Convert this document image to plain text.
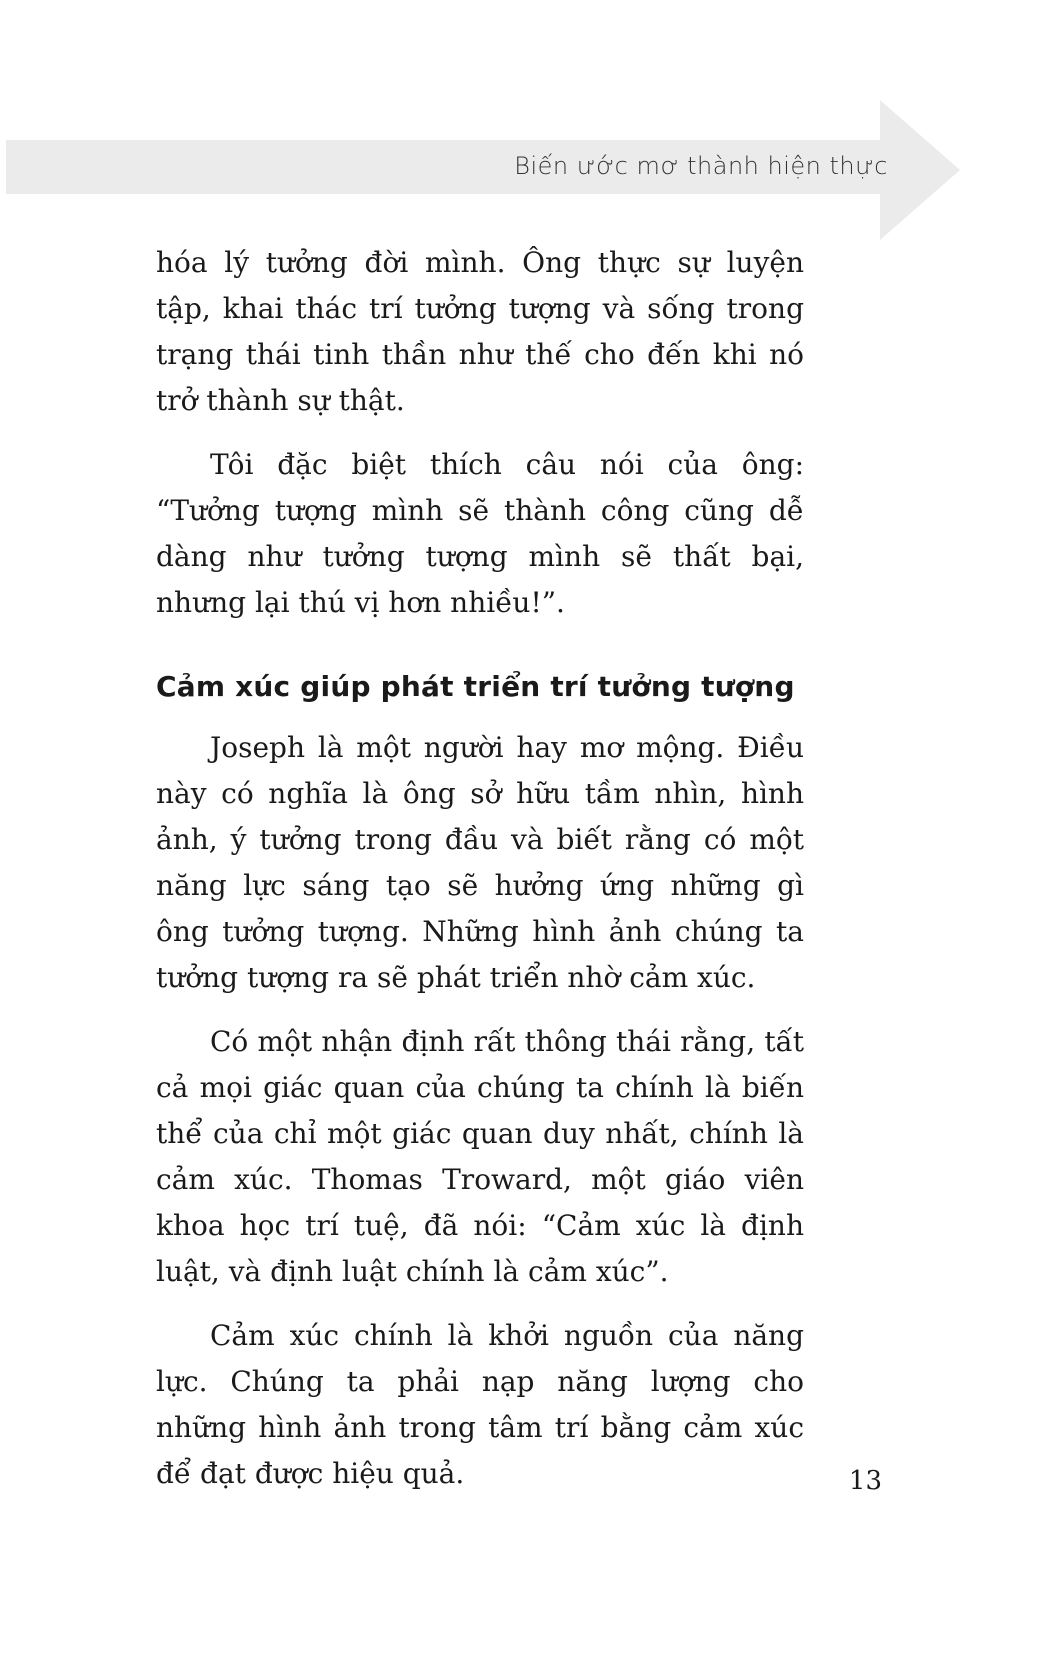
Biến ước mơ thành hiện thực

hóa lý tưởng đời mình. Ông thực sự luyện tập, khai thác trí tưởng tượng và sống trong trạng thái tinh thần như thế cho đến khi nó trở thành sự thật.

Tôi đặc biệt thích câu nói của ông: “Tưởng tượng mình sẽ thành công cũng dễ dàng như tưởng tượng mình sẽ thất bại, nhưng lại thú vị hơn nhiều!”.

Cảm xúc giúp phát triển trí tưởng tượng

Joseph là một người hay mơ mộng. Điều này có nghĩa là ông sở hữu tầm nhìn, hình ảnh, ý tưởng trong đầu và biết rằng có một năng lực sáng tạo sẽ hưởng ứng những gì ông tưởng tượng. Những hình ảnh chúng ta tưởng tượng ra sẽ phát triển nhờ cảm xúc.

Có một nhận định rất thông thái rằng, tất cả mọi giác quan của chúng ta chính là biến thể của chỉ một giác quan duy nhất, chính là cảm xúc. Thomas Troward, một giáo viên khoa học trí tuệ, đã nói: “Cảm xúc là định luật, và định luật chính là cảm xúc”.

Cảm xúc chính là khởi nguồn của năng lực. Chúng ta phải nạp năng lượng cho những hình ảnh trong tâm trí bằng cảm xúc để đạt được hiệu quả.	13
